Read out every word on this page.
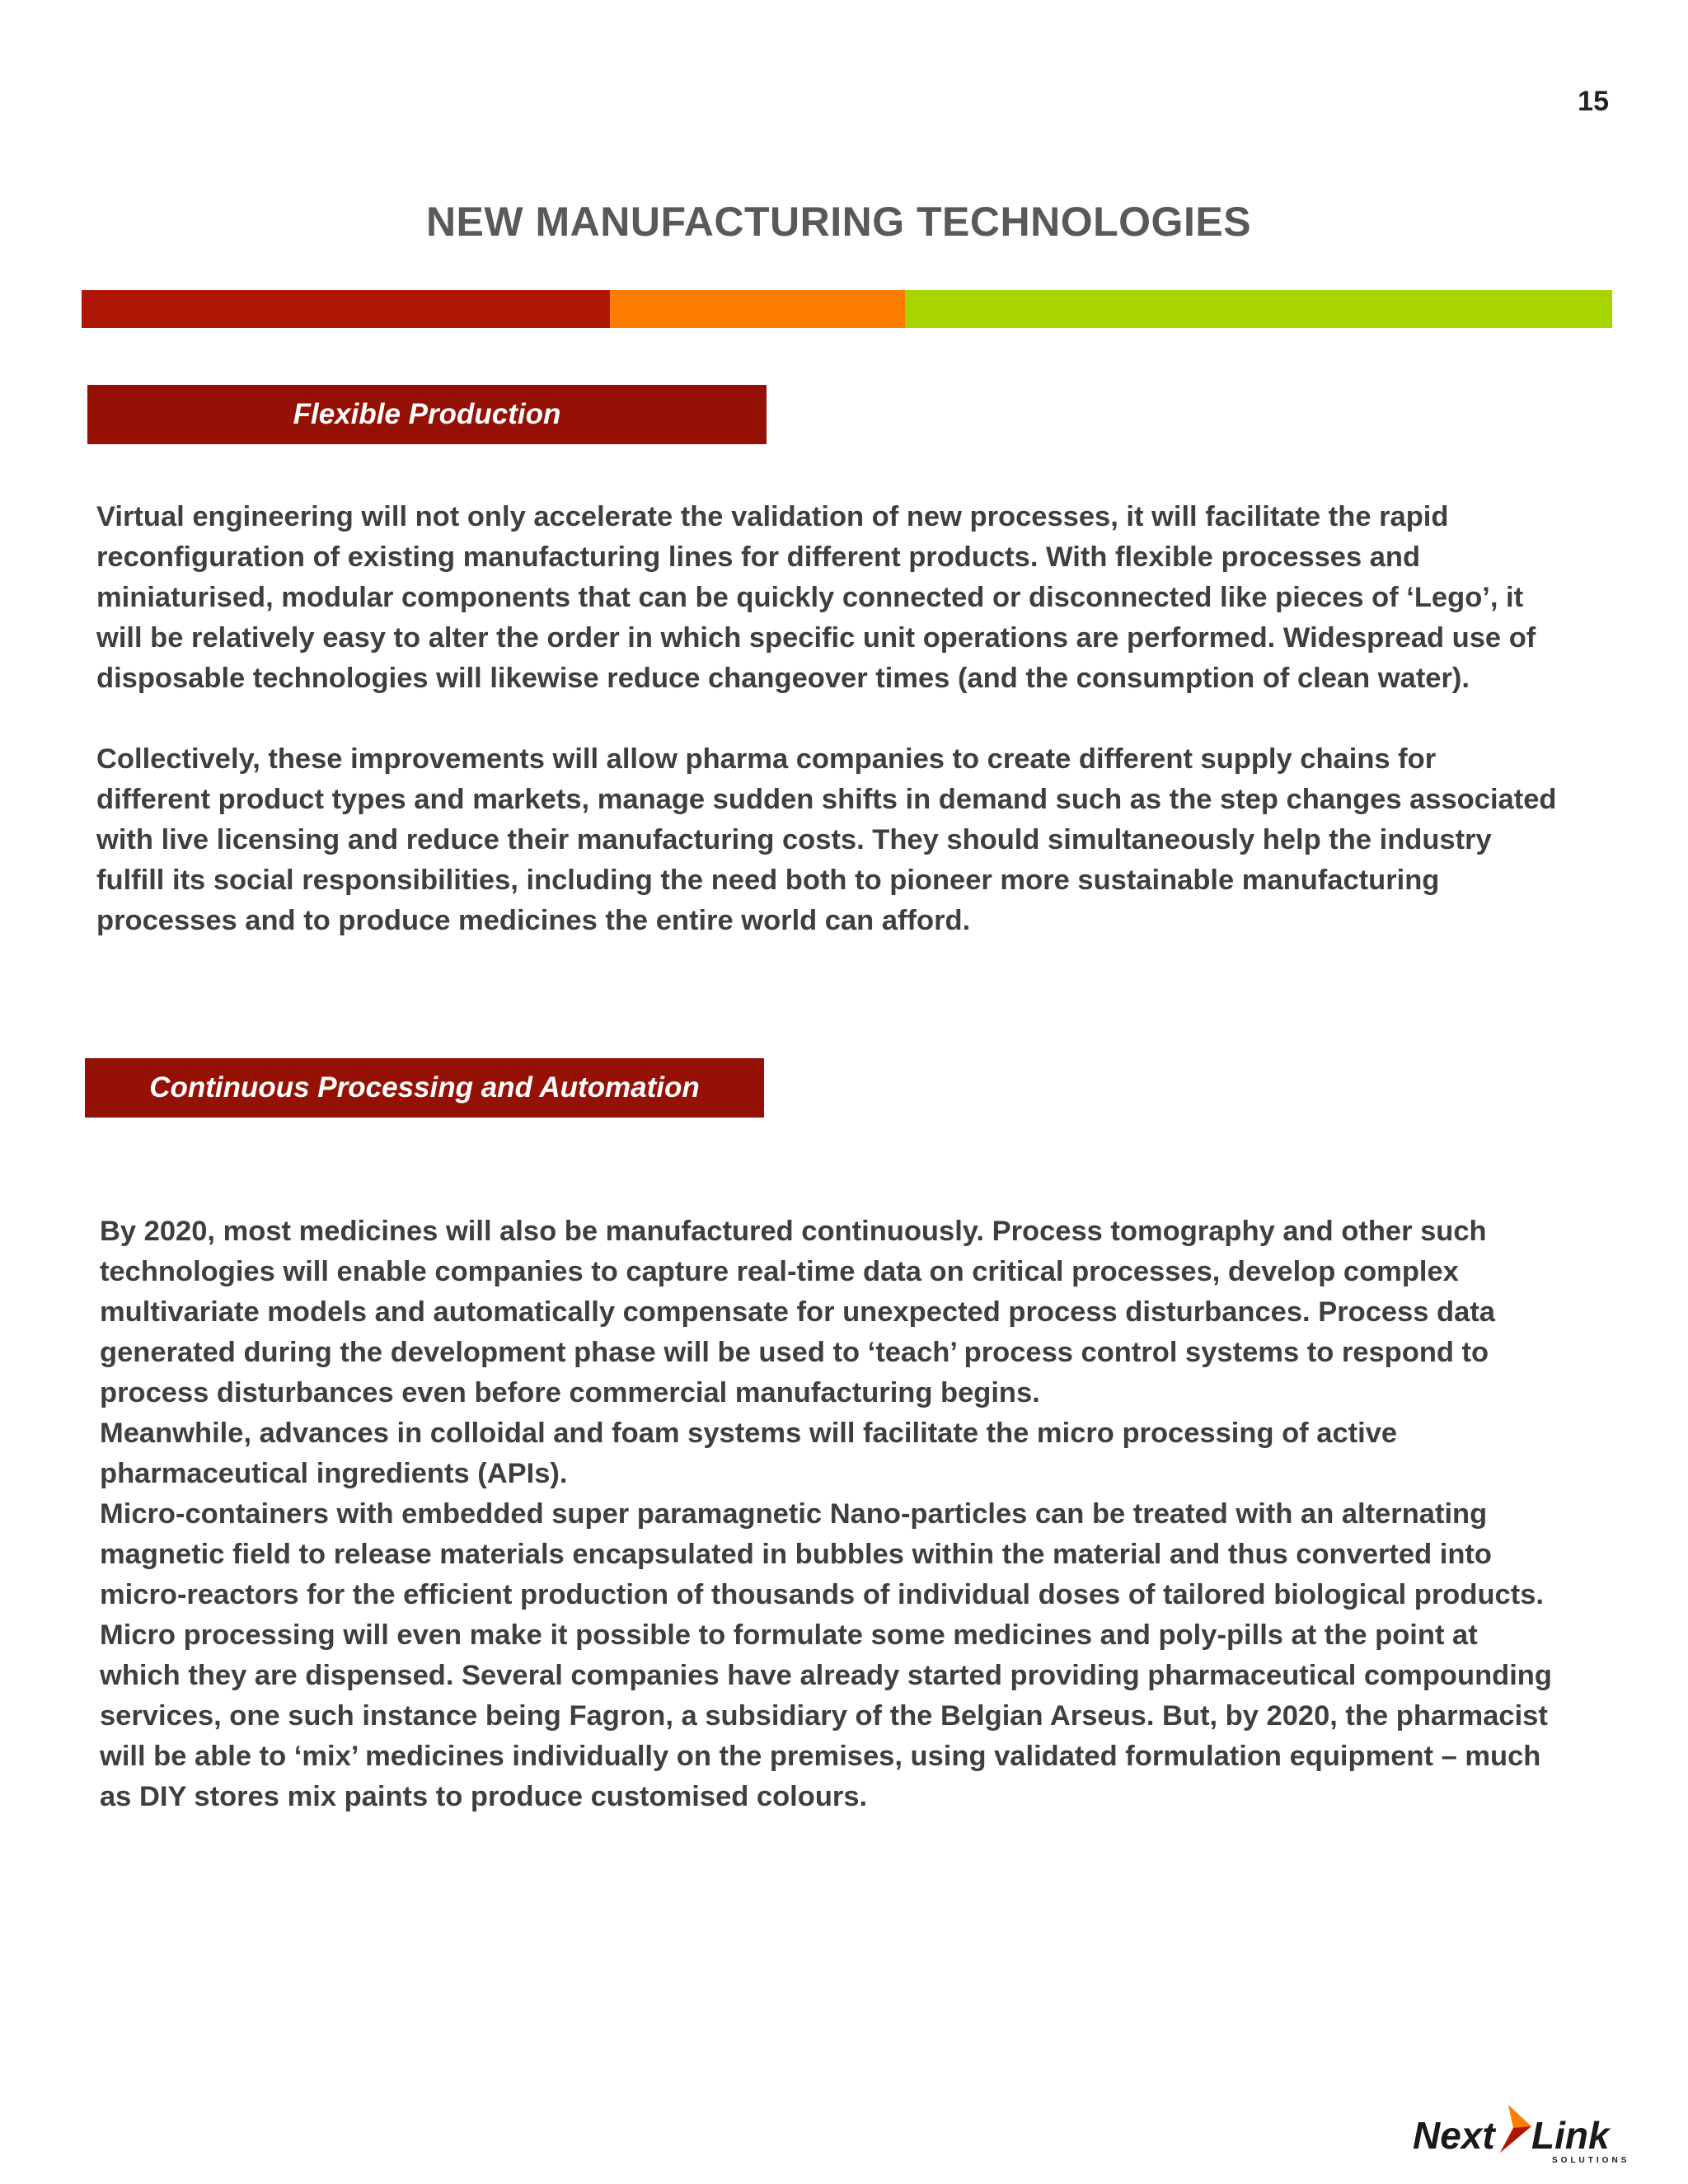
15
NEW MANUFACTURING TECHNOLOGIES
Flexible Production

Virtual engineering will not only accelerate the validation of new processes, it will facilitate the rapid
reconfiguration of existing manufacturing lines for different products. With flexible processes and
miniaturised, modular components that can be quickly connected or disconnected like pieces of ‘Lego’, it
will be relatively easy to alter the order in which specific unit operations are performed. Widespread use of
disposable technologies will likewise reduce changeover times (and the consumption of clean water).

Collectively, these improvements will allow pharma companies to create different supply chains for
different product types and markets, manage sudden shifts in demand such as the step changes associated
with live licensing and reduce their manufacturing costs. They should simultaneously help the industry
fulfill its social responsibilities, including the need both to pioneer more sustainable manufacturing
processes and to produce medicines the entire world can afford.

Continuous Processing and Automation

By 2020, most medicines will also be manufactured continuously. Process tomography and other such
technologies will enable companies to capture real-time data on critical processes, develop complex
multivariate models and automatically compensate for unexpected process disturbances. Process data
generated during the development phase will be used to ‘teach’ process control systems to respond to
process disturbances even before commercial manufacturing begins.

Meanwhile, advances in colloidal and foam systems will facilitate the micro processing of active
pharmaceutical ingredients (APIs).

Micro-containers with embedded super paramagnetic Nano-particles can be treated with an alternating
magnetic field to release materials encapsulated in bubbles within the material and thus converted into
micro-reactors for the efficient production of thousands of individual doses of tailored biological products.
Micro processing will even make it possible to formulate some medicines and poly-pills at the point at
which they are dispensed. Several companies have already started providing pharmaceutical compounding
services, one such instance being Fagron, a subsidiary of the Belgian Arseus. But, by 2020, the pharmacist
will be able to ‘mix’ medicines individually on the premises, using validated formulation equipment – much
as DIY stores mix paints to produce customised colours.

Next Link
SOLUTIONS
